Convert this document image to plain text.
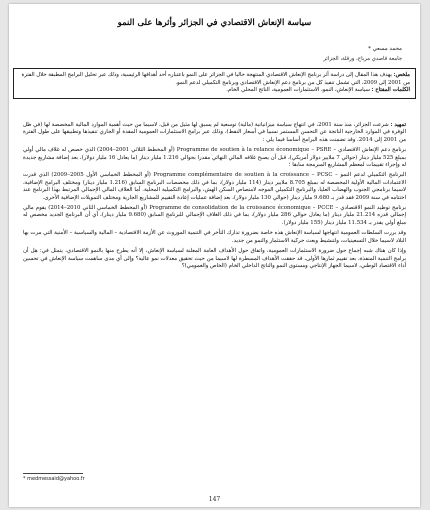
سياسة الإنعاش الاقتصادي في الجزائر وأثرها على النمو
محمد مسعي *
جامعة قاصدي مرباح، ورقلة، الجزائر
ملخص: يهدف هذا المقال إلى دراسة أثر برنامج الإنعاش الاقتصادي المنتهجة حاليا في الجزائر على النمو باعتباره أحد أهدافها الرئيسية، وذلك عبر تحليل البرامج المطبقة خلال الفترة من 2001 إلى 2009، التي تشمل تنفيذ كل من برنامج دعم الإنعاش الاقتصادي وبرنامج التكميلي لدعم النمو.
الكلمات المفتاح : سياسة الإنعاش، النمو، الاستثمارات العمومية، الناتج المحلي الخام.

تمهيد : شرعت الجزائر، منذ سنة 2001، في انتهاج سياسة ميزانياتية (مالية) توسعية لم يسبق لها مثيل من قبل، لاسيما من حيث أهمية الموارد المالية المخصصة لها (في ظل الوفرة في الموارد الخارجية الناتجة عن التحسن المستمر نسبيا في أسعار النفط)، وذلك عبر برامج الاستثمارات العمومية المقدة أو الجاري تنفيذها وتطبيقها على طول الفترة من 2001 إلى 2014. وقد تضمنت هذه البرامج أساسا فيما يلي :

برنامج دعم الإنعاش الاقتصادي – Programme de soutien à la relance économique – PSRE (أو المخطط الثلاثي 2001–2004) الذي خصص له غلاف مالي أولي بمبلغ 525 مليار دينار (حوالي 7 ملايير دولار أمريكي)، قبل أن يصبح غلافه المالي النهائي مقدرا بحوالي 1.216 مليار دينار (ما يعادل 16 مليار دولار)، بعد إضافة مشاريع جديدة له وإجراء تقييمات لمعظم المشاريع المبرمجة سابقا ؛

البرنامج التكميلي لدعم النمو – Programme complémentaire de soutien à la croissance – PCSC (أو المخطط الخماسي الأول 2005–2009) الذي قدرت الاعتمادات المالية الأولية المخصصة له بمبلغ 8.705 ملايير دينار (114 مليار دولار)، بما في ذلك مخصصات البرنامج السابق (1.216 مليار دينار) ومختلف البرامج الإضافية، لاسيما برنامجي الجنوب والهضاب العليا، والبرنامج التكميلي الموجه لامتصاص السكن الهش، والبرامج التكميلية المحلية. أما الغلاف المالي الإجمالي المرتبط بهذا البرنامج عند اختتامه في سنة 2009 فقد قدر بـ 9.680 مليار دينار (حوالي 130 مليار دولار)، بعد إضافة عمليات إعادة التقييم للمشاريع الجارية ومختلف التمويلات الإضافية الأخرى.

برنامج توطيد النمو الاقتصادي – Programme de consolidation de la croissance économique – PCCE (أو المخطط الخماسي الثاني 2010–2014) يقوم مالي إجمالي قدره 21.214 مليار دينار (ما يعادل حوالي 286 مليار دولار)، بما في ذلك الغلاف الإجمالي للبرنامج السابق (9.680 مليار دينار)، أي أن البرنامج الجديد مخصص له مبلغ أولي يقدر بـ 11.534 مليار دينار (155 مليار دولار).

وقد بررت السلطات العمومية انتهاجها لسياسة الإنعاش هذه خاصة بضرورة تدارك التأخر في التنمية الموروث عن الأزمة الاقتصادية – المالية والسياسية – الأمنية التي مرت بها البلاد لاسيما خلال التسعينيات، ولتنشيط وبعث حركية الاستثمار والنمو من جديد.

وإذا كان هناك شبه إجماع حول ضرورة الاستثمارات العمومية، واتفاق حول الأهداف العامة المعلنة لسياسة الإنعاش، إلا أنه يطرح منها بالنمو الاقتصادي، يتمثل في: هل أن برامج التنمية المنفذة، بعد تقييم ثمارها الأولى، قد حققت الأهداف المسطرة لها لاسيما من حيث تحقيق معدلات نمو عالية؟ وإلى أي مدى ساهمت سياسة الإنعاش في تحسين أداء الاقتصاد الوطني، لاسيما الجهاز الإنتاجي ومستوى النمو والناتج الداخلي الخام (الخاص والعمومي)؟

* medmessaid@yahoo.fr
147
